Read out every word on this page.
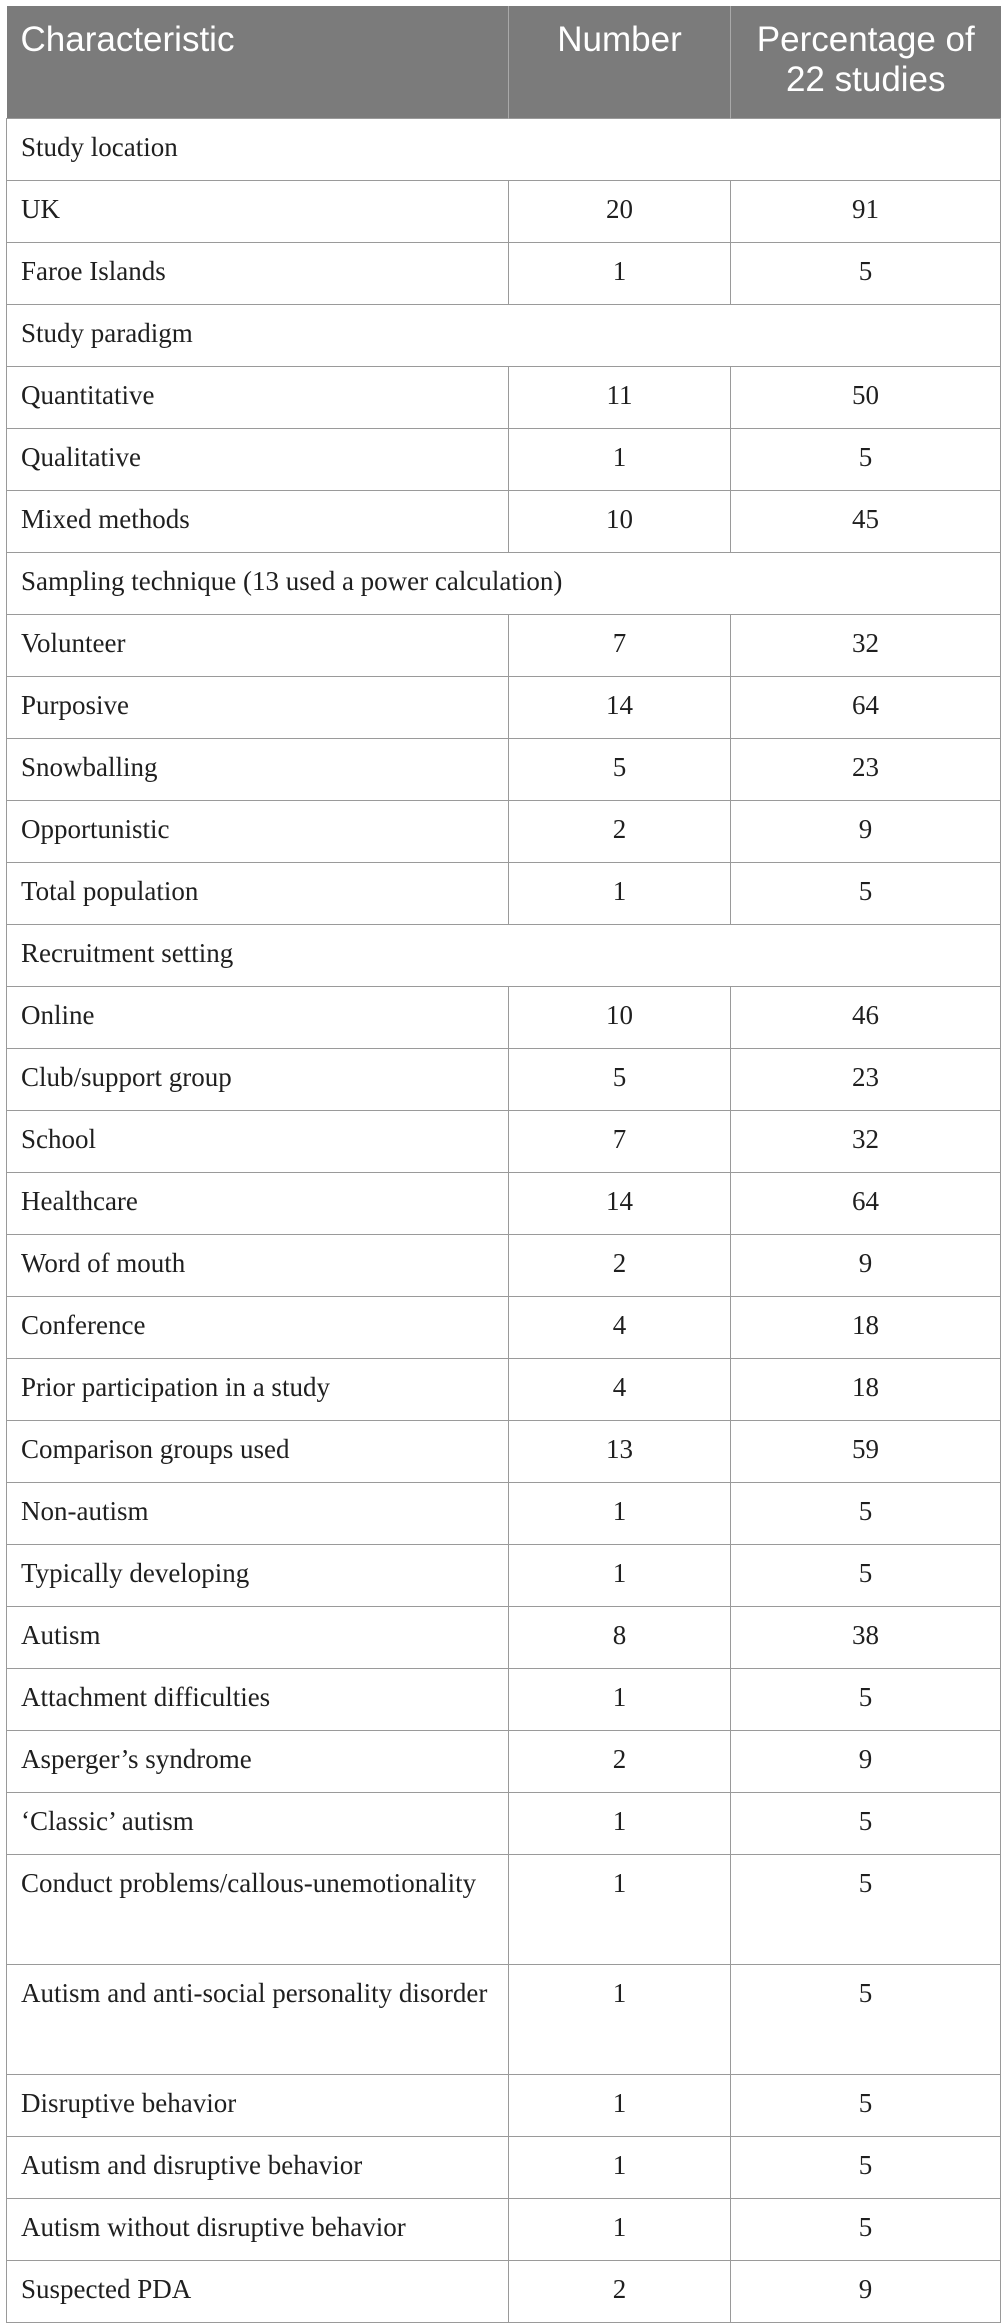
Characteristic	Number	Percentage of 22 studies
Study location		
UK	20	91
Faroe Islands	1	5
Study paradigm		
Quantitative	11	50
Qualitative	1	5
Mixed methods	10	45
Sampling technique (13 used a power calculation)		
Volunteer	7	32
Purposive	14	64
Snowballing	5	23
Opportunistic	2	9
Total population	1	5
Recruitment setting		
Online	10	46
Club/support group	5	23
School	7	32
Healthcare	14	64
Word of mouth	2	9
Conference	4	18
Prior participation in a study	4	18
Comparison groups used	13	59
Non-autism	1	5
Typically developing	1	5
Autism	8	38
Attachment difficulties	1	5
Asperger’s syndrome	2	9
‘Classic’ autism	1	5
Conduct problems/callous-unemotionality	1	5
Autism and anti-social personality disorder	1	5
Disruptive behavior	1	5
Autism and disruptive behavior	1	5
Autism without disruptive behavior	1	5
Suspected PDA	2	9
